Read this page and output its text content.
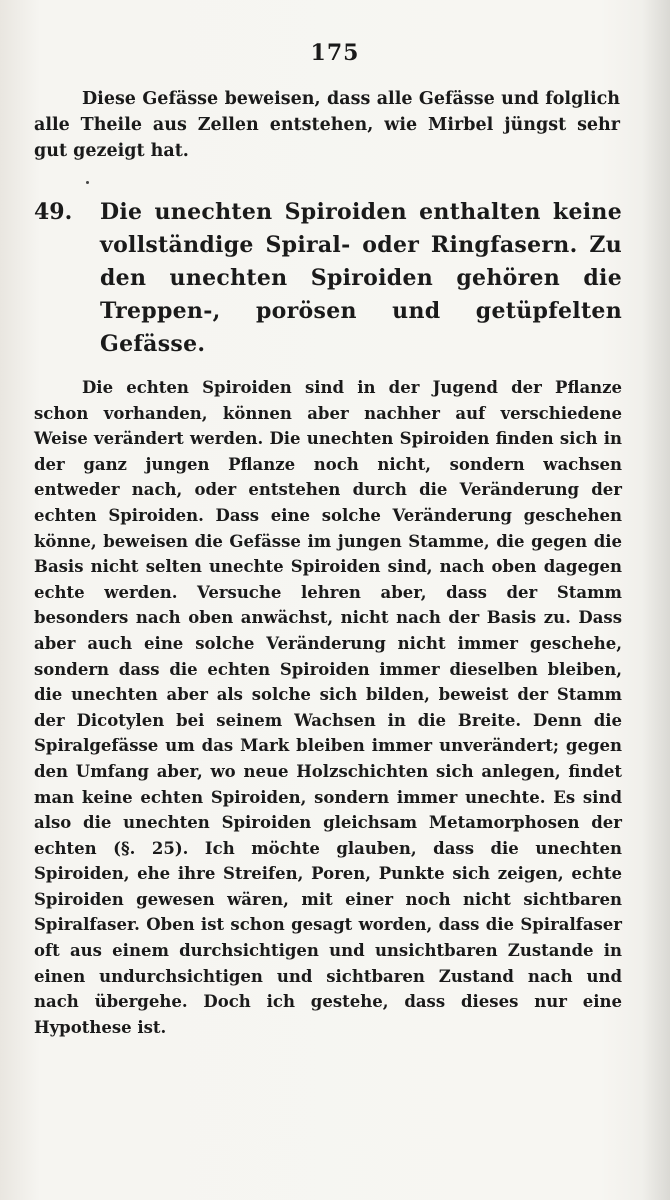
175

Diese Gefässe beweisen, dass alle Gefässe und folglich alle Theile aus Zellen entstehen, wie Mirbel jüngst sehr gut gezeigt hat.

49.	Die unechten Spiroiden enthalten keine vollständige Spiral- oder Ringfasern. Zu den unechten Spiroiden gehören die Treppen-, porösen und getüpfelten Gefässe.

Die echten Spiroiden sind in der Jugend der Pflanze schon vorhanden, können aber nachher auf verschiedene Weise verändert werden. Die unechten Spiroiden finden sich in der ganz jungen Pflanze noch nicht, sondern wachsen entweder nach, oder entstehen durch die Veränderung der echten Spiroiden. Dass eine solche Veränderung geschehen könne, beweisen die Gefässe im jungen Stamme, die gegen die Basis nicht selten unechte Spiroiden sind, nach oben dagegen echte werden. Versuche lehren aber, dass der Stamm besonders nach oben anwächst, nicht nach der Basis zu. Dass aber auch eine solche Veränderung nicht immer geschehe, sondern dass die echten Spiroiden immer dieselben bleiben, die unechten aber als solche sich bilden, beweist der Stamm der Dicotylen bei seinem Wachsen in die Breite. Denn die Spiralgefässe um das Mark bleiben immer unverändert; gegen den Umfang aber, wo neue Holzschichten sich anlegen, findet man keine echten Spiroiden, sondern immer unechte. Es sind also die unechten Spiroiden gleichsam Metamorphosen der echten (§. 25). Ich möchte glauben, dass die unechten Spiroiden, ehe ihre Streifen, Poren, Punkte sich zeigen, echte Spiroiden gewesen wären, mit einer noch nicht sichtbaren Spiralfaser. Oben ist schon gesagt worden, dass die Spiralfaser oft aus einem durchsichtigen und unsichtbaren Zustande in einen undurchsichtigen und sichtbaren Zustand nach und nach übergehe. Doch ich gestehe, dass dieses nur eine Hypothese ist.
